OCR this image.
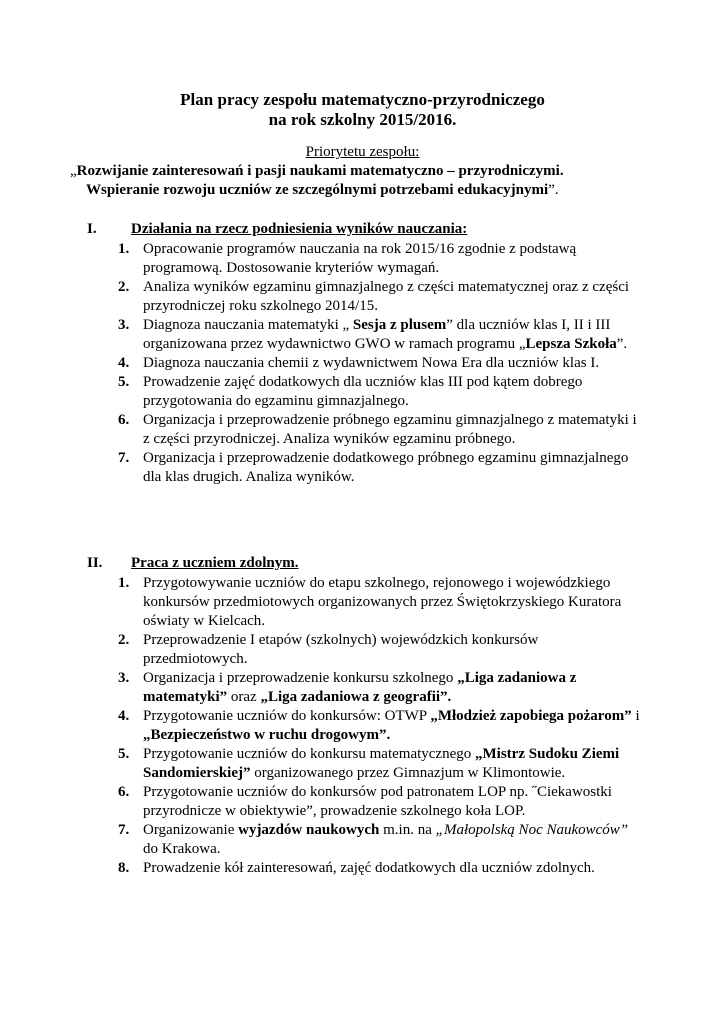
Plan pracy zespołu matematyczno-przyrodniczego
na rok szkolny 2015/2016.
Priorytetu zespołu:
„Rozwijanie zainteresowań i pasji naukami matematyczno – przyrodniczymi.
Wspieranie rozwoju uczniów ze szczególnymi potrzebami edukacyjnymi”.
I. Działania na rzecz podniesienia wyników nauczania:
1. Opracowanie programów nauczania na rok 2015/16 zgodnie z podstawą programową. Dostosowanie kryteriów wymagań.
2. Analiza wyników egzaminu gimnazjalnego z części matematycznej oraz z części przyrodniczej roku szkolnego 2014/15.
3. Diagnoza nauczania matematyki „ Sesja z plusem” dla uczniów klas I, II i III organizowana przez wydawnictwo GWO w ramach programu „Lepsza Szkoła”.
4. Diagnoza nauczania chemii z wydawnictwem Nowa Era dla uczniów klas I.
5. Prowadzenie zajęć dodatkowych dla uczniów klas III pod kątem dobrego przygotowania do egzaminu gimnazjalnego.
6. Organizacja i przeprowadzenie próbnego egzaminu gimnazjalnego z matematyki i z części przyrodniczej. Analiza wyników egzaminu próbnego.
7. Organizacja i przeprowadzenie dodatkowego próbnego egzaminu gimnazjalnego dla klas drugich. Analiza wyników.
II. Praca z uczniem zdolnym.
1. Przygotowywanie uczniów do etapu szkolnego, rejonowego i wojewódzkiego konkursów przedmiotowych organizowanych przez Świętokrzyskiego Kuratora oświaty w Kielcach.
2. Przeprowadzenie I etapów (szkolnych) wojewódzkich konkursów przedmiotowych.
3. Organizacja i przeprowadzenie konkursu szkolnego „Liga zadaniowa z matematyki” oraz „Liga zadaniowa z geografii”.
4. Przygotowanie uczniów do konkursów: OTWP „Młodzież zapobiega pożarom” i „Bezpieczeństwo w ruchu drogowym”.
5. Przygotowanie uczniów do konkursu matematycznego „Mistrz Sudoku Ziemi Sandomierskiej” organizowanego przez Gimnazjum w Klimontowie.
6. Przygotowanie uczniów do konkursów pod patronatem LOP np. ˝Ciekawostki przyrodnicze w obiektywie”, prowadzenie szkolnego koła LOP.
7. Organizowanie wyjazdów naukowych m.in. na „Małopolską Noc Naukowców” do Krakowa.
8. Prowadzenie kół zainteresowań, zajęć dodatkowych dla uczniów zdolnych.
